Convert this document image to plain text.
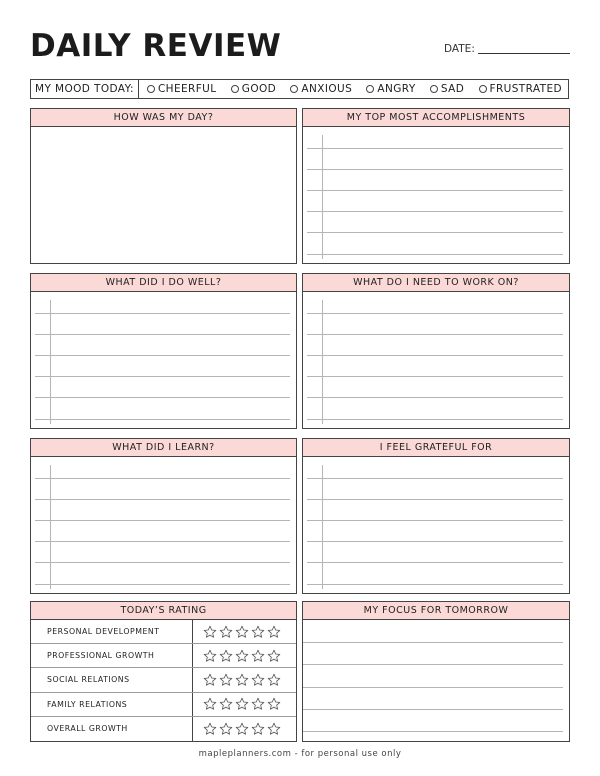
DAILY REVIEW	DATE:
MY MOOD TODAY:	CHEERFUL GOOD ANXIOUS ANGRY SAD FRUSTRATED
HOW WAS MY DAY?	MY TOP MOST ACCOMPLISHMENTS
WHAT DID I DO WELL?	WHAT DO I NEED TO WORK ON?
WHAT DID I LEARN?	I FEEL GRATEFUL FOR
TODAY’S RATING
PERSONAL DEVELOPMENT
PROFESSIONAL GROWTH
SOCIAL RELATIONS
FAMILY RELATIONS
OVERALL GROWTH
MY FOCUS FOR TOMORROW
mapleplanners.com - for personal use only
